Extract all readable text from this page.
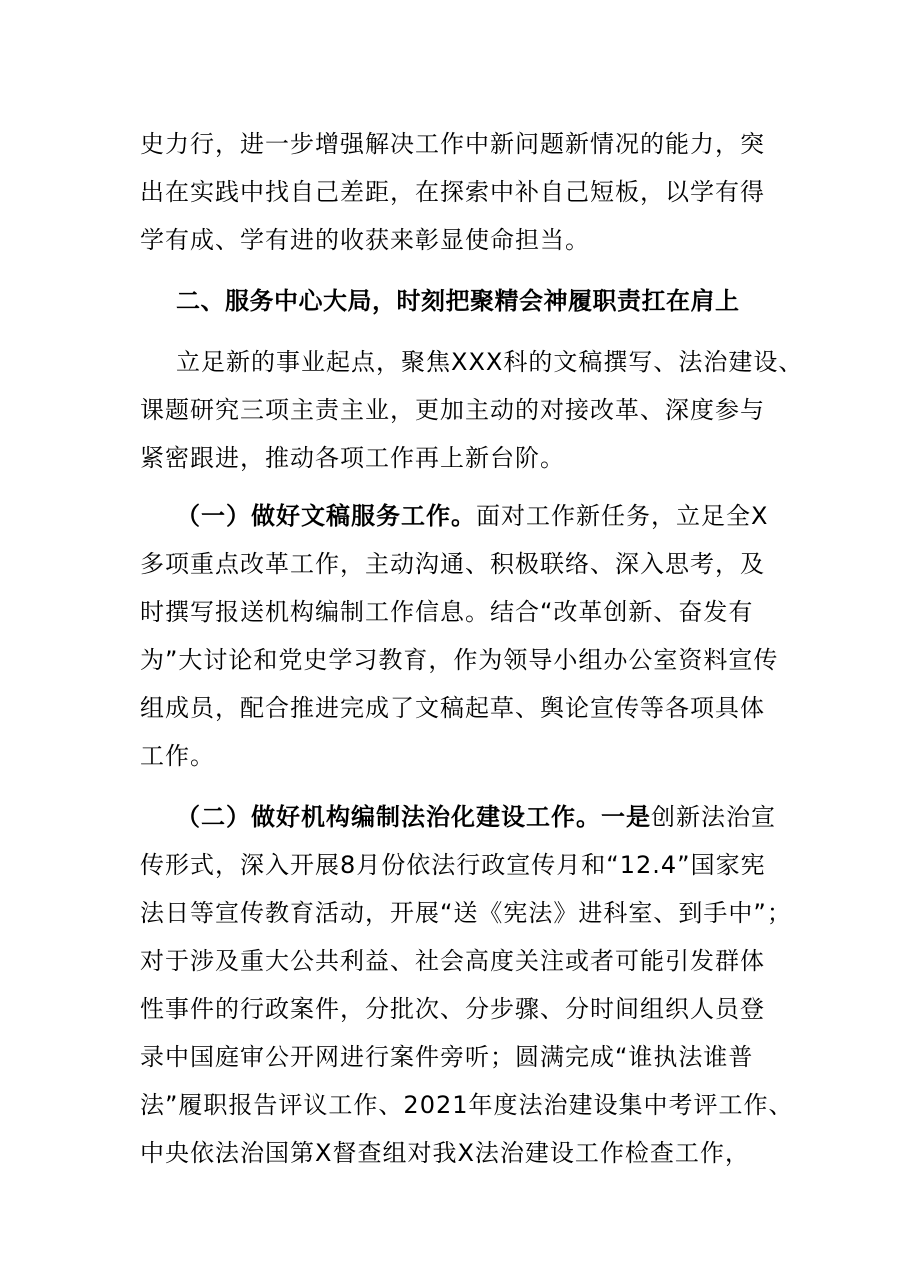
史力行，进一步增强解决工作中新问题新情况的能力，突
出在实践中找自己差距，在探索中补自己短板，以学有得
学有成、学有进的收获来彰显使命担当。
二、服务中心大局，时刻把聚精会神履职责扛在肩上
立足新的事业起点，聚焦XXX科的文稿撰写、法治建设、
课题研究三项主责主业，更加主动的对接改革、深度参与
紧密跟进，推动各项工作再上新台阶。
（一）做好文稿服务工作。面对工作新任务，立足全X
多项重点改革工作，主动沟通、积极联络、深入思考，及
时撰写报送机构编制工作信息。结合“改革创新、奋发有
为”大讨论和党史学习教育，作为领导小组办公室资料宣传
组成员，配合推进完成了文稿起草、舆论宣传等各项具体
工作。
（二）做好机构编制法治化建设工作。一是创新法治宣
传形式，深入开展8月份依法行政宣传月和“12.4”国家宪
法日等宣传教育活动，开展“送《宪法》进科室、到手中”；
对于涉及重大公共利益、社会高度关注或者可能引发群体
性事件的行政案件，分批次、分步骤、分时间组织人员登
录中国庭审公开网进行案件旁听；圆满完成“谁执法谁普
法”履职报告评议工作、2021年度法治建设集中考评工作、
中央依法治国第X督查组对我X法治建设工作检查工作，
